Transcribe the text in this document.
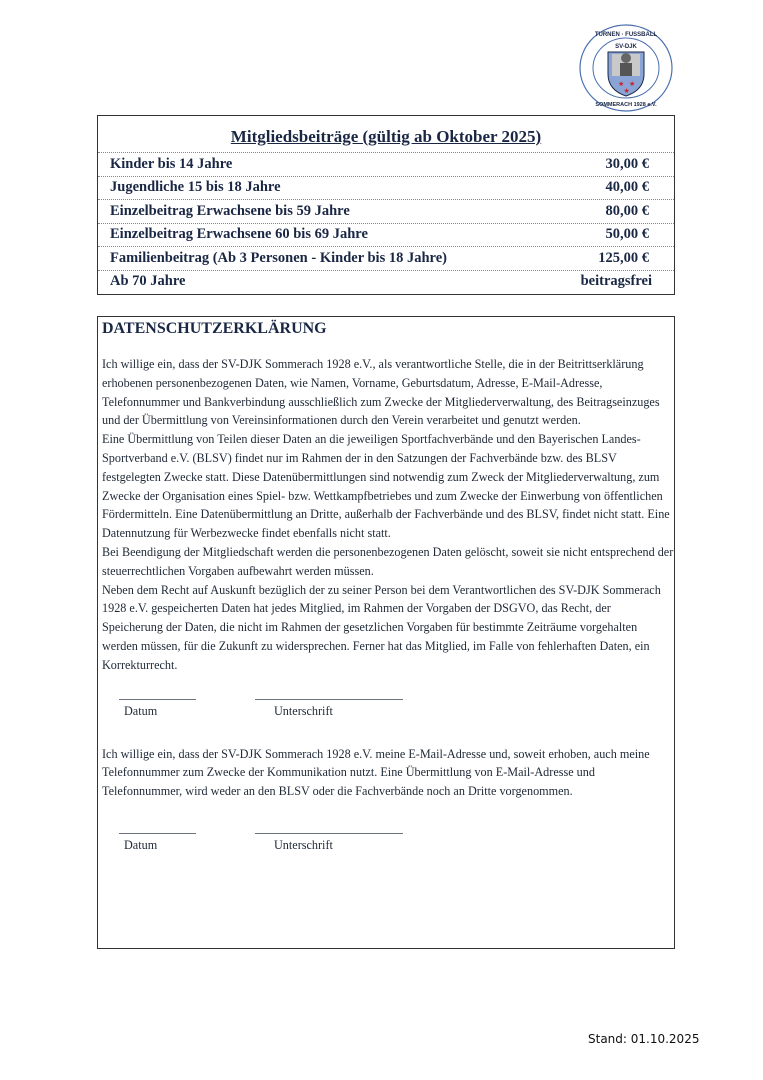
★ ★
★
TURNEN · FUSSBALL
SV-DJK
SOMMERACH 1928 e.V.
Mitgliedsbeiträge (gültig ab Oktober 2025)
Kinder bis 14 Jahre	30,00 €
Jugendliche 15 bis 18 Jahre	40,00 €
Einzelbeitrag Erwachsene bis 59 Jahre	80,00 €
Einzelbeitrag Erwachsene 60 bis 69 Jahre	50,00 €
Familienbeitrag (Ab 3 Personen - Kinder bis 18 Jahre)	125,00 €
Ab 70 Jahre	beitragsfrei
DATENSCHUTZERKLÄRUNG

Ich willige ein, dass der SV-DJK Sommerach 1928 e.V., als verantwortliche Stelle, die in der Beitrittserklärung erhobenen personenbezogenen Daten, wie Namen, Vorname, Geburtsdatum, Adresse, E-Mail-Adresse, Telefonnummer und Bankverbindung ausschließlich zum Zwecke der Mitgliederverwaltung, des Beitragseinzuges und der Übermittlung von Vereinsinformationen durch den Verein verarbeitet und genutzt werden.

Eine Übermittlung von Teilen dieser Daten an die jeweiligen Sportfachverbände und den Bayerischen Landes-Sportverband e.V. (BLSV) findet nur im Rahmen der in den Satzungen der Fachverbände bzw. des BLSV festgelegten Zwecke statt. Diese Datenübermittlungen sind notwendig zum Zweck der Mitgliederverwaltung, zum Zwecke der Organisation eines Spiel- bzw. Wettkampfbetriebes und zum Zwecke der Einwerbung von öffentlichen Fördermitteln. Eine Datenübermittlung an Dritte, außerhalb der Fachverbände und des BLSV, findet nicht statt. Eine Datennutzung für Werbezwecke findet ebenfalls nicht statt.

Bei Beendigung der Mitgliedschaft werden die personenbezogenen Daten gelöscht, soweit sie nicht entsprechend der steuerrechtlichen Vorgaben aufbewahrt werden müssen.

Neben dem Recht auf Auskunft bezüglich der zu seiner Person bei dem Verantwortlichen des SV-DJK Sommerach 1928 e.V. gespeicherten Daten hat jedes Mitglied, im Rahmen der Vorgaben der DSGVO, das Recht, der Speicherung der Daten, die nicht im Rahmen der gesetzlichen Vorgaben für bestimmte Zeiträume vorgehalten werden müssen, für die Zukunft zu widersprechen. Ferner hat das Mitglied, im Falle von fehlerhaften Daten, ein Korrekturrecht.

Datum	Unterschrift

Ich willige ein, dass der SV-DJK Sommerach 1928 e.V. meine E-Mail-Adresse und, soweit erhoben, auch meine Telefonnummer zum Zwecke der Kommunikation nutzt. Eine Übermittlung von E-Mail-Adresse und Telefonnummer, wird weder an den BLSV oder die Fachverbände noch an Dritte vorgenommen.

Datum	Unterschrift
Stand: 01.10.2025
